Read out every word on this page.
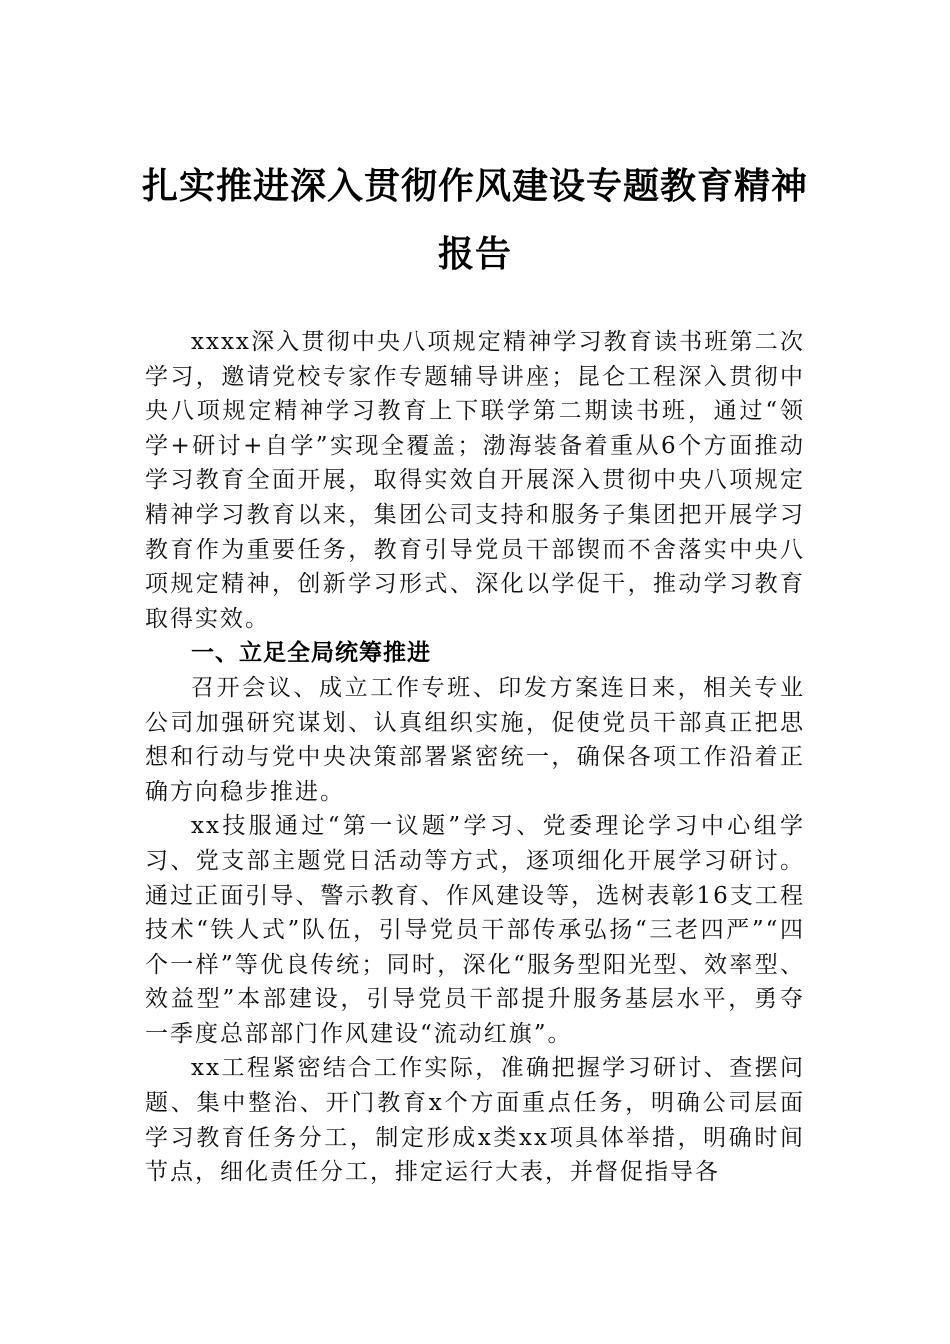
扎实推进深入贯彻作风建设专题教育精神
报告

xxxx深入贯彻中央八项规定精神学习教育读书班第二次学习，邀请党校专家作专题辅导讲座；昆仑工程深入贯彻中央八项规定精神学习教育上下联学第二期读书班，通过“领学+研讨+自学”实现全覆盖；渤海装备着重从6个方面推动学习教育全面开展，取得实效自开展深入贯彻中央八项规定精神学习教育以来，集团公司支持和服务子集团把开展学习教育作为重要任务，教育引导党员干部锲而不舍落实中央八项规定精神，创新学习形式、深化以学促干，推动学习教育取得实效。

一、立足全局统筹推进

召开会议、成立工作专班、印发方案连日来，相关专业公司加强研究谋划、认真组织实施，促使党员干部真正把思想和行动与党中央决策部署紧密统一，确保各项工作沿着正确方向稳步推进。

xx技服通过“第一议题”学习、党委理论学习中心组学习、党支部主题党日活动等方式，逐项细化开展学习研讨。通过正面引导、警示教育、作风建设等，选树表彰16支工程技术“铁人式”队伍，引导党员干部传承弘扬“三老四严”“四个一样”等优良传统；同时，深化“服务型阳光型、效率型、效益型”本部建设，引导党员干部提升服务基层水平，勇夺一季度总部部门作风建设“流动红旗”。

xx工程紧密结合工作实际，准确把握学习研讨、查摆问题、集中整治、开门教育x个方面重点任务，明确公司层面学习教育任务分工，制定形成x类xx项具体举措，明确时间节点，细化责任分工，排定运行大表，并督促指导各
